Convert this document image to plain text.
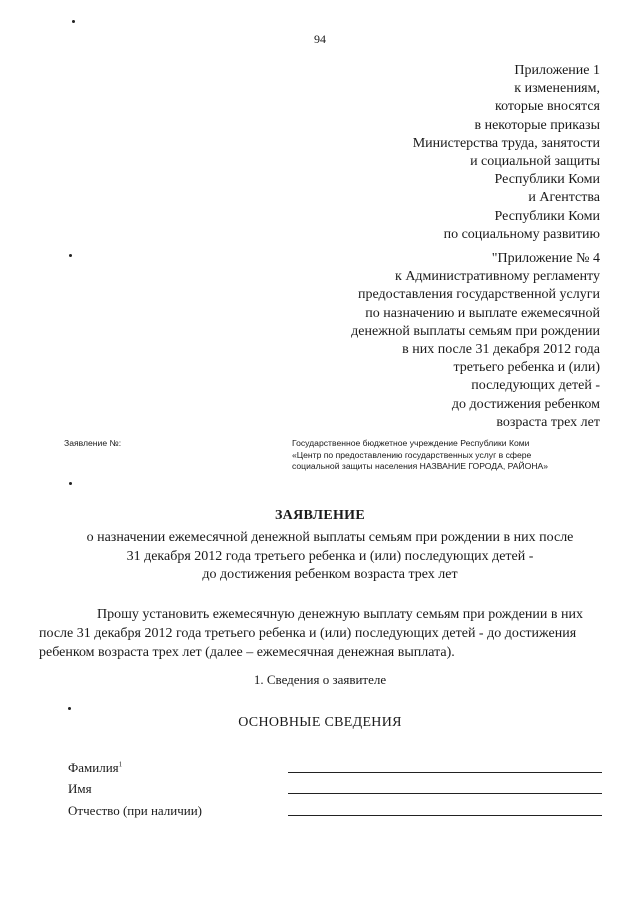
94
Приложение 1
к изменениям,
которые вносятся
в некоторые приказы
Министерства труда, занятости
и социальной защиты
Республики Коми
и Агентства
Республики Коми
по социальному развитию
"Приложение № 4
к Административному регламенту
предоставления государственной услуги
по назначению и выплате ежемесячной
денежной выплаты семьям при рождении
в них после 31 декабря 2012 года
третьего ребенка и (или)
последующих детей -
до достижения ребенком
возраста трех лет
Заявление №:	Государственное бюджетное учреждение Республики Коми
«Центр по предоставлению государственных услуг в сфере
социальной защиты населения НАЗВАНИЕ ГОРОДА, РАЙОНА»
ЗАЯВЛЕНИЕ
о назначении ежемесячной денежной выплаты семьям при рождении в них после
31 декабря 2012 года третьего ребенка и (или) последующих детей -
до достижения ребенком возраста трех лет
Прошу установить ежемесячную денежную выплату семьям при рождении в них
после 31 декабря 2012 года третьего ребенка и (или) последующих детей - до достижения
ребенком возраста трех лет (далее – ежемесячная денежная выплата).
1. Сведения о заявителе
ОСНОВНЫЕ СВЕДЕНИЯ
Фамилия$^1$
Имя
Отчество (при наличии)
